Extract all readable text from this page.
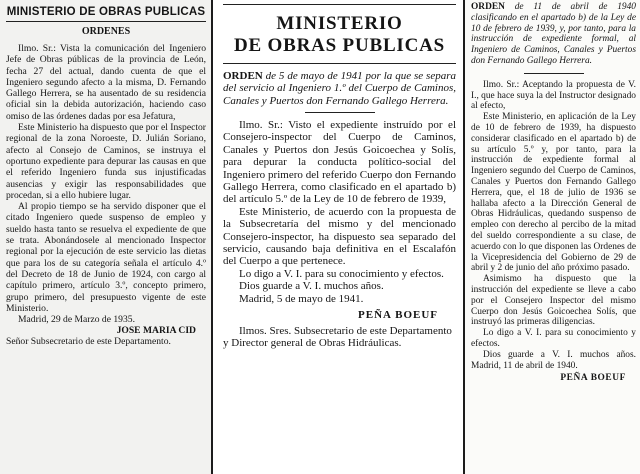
MINISTERIO DE OBRAS PUBLICAS
ORDENES

Ilmo. Sr.: Vista la comunicación del Ingeniero Jefe de Obras públicas de la provincia de León, fecha 27 del actual, dando cuenta de que el Ingeniero segundo afecto a la misma, D. Fernando Gallego Herrera, se ha ausentado de su residencia oficial sin la debida autorización, haciendo caso omiso de las órdenes dadas por esa Jefatura,

Este Ministerio ha dispuesto que por el Inspector regional de la zona Noroeste, D. Julián Soriano, afecto al Consejo de Caminos, se instruya el oportuno expediente para depurar las causas en que el referido Ingeniero funda sus injustificadas ausencias y exigir las responsabilidades que procedan, si a ello hubiere lugar.

Al propio tiempo se ha servido disponer que el citado Ingeniero quede suspenso de empleo y sueldo hasta tanto se resuelva el expediente de que se trata. Abonándosele al mencionado Inspector regional por la ejecución de este servicio las dietas que para los de su categoría señala el artículo 4.º del Decreto de 18 de Junio de 1924, con cargo al capítulo primero, artículo 3.º, concepto primero, grupo primero, del presupuesto vigente de este Ministerio.

Madrid, 29 de Marzo de 1935.

JOSE MARIA CID

Señor Subsecretario de este Departamento.

MINISTERIO
DE OBRAS PUBLICAS

ORDEN de 5 de mayo de 1941 por la que se separa del servicio al Ingeniero 1.º del Cuerpo de Caminos, Canales y Puertos don Fernando Gallego Herrera.

Ilmo. Sr.: Visto el expediente instruído por el Consejero-inspector del Cuerpo de Caminos, Canales y Puertos don Jesús Goicoechea y Solís, para depurar la conducta político-social del Ingeniero primero del referido Cuerpo don Fernando Gallego Herrera, como clasificado en el apartado b) del artículo 5.º de la Ley de 10 de febrero de 1939,

Este Ministerio, de acuerdo con la propuesta de la Subsecretaría del mismo y del mencionado Consejero-inspector, ha dispuesto sea separado del servicio, causando baja definitiva en el Escalafón del Cuerpo a que pertenece.

Lo digo a V. I. para su conocimiento y efectos.

Dios guarde a V. I. muchos años.

Madrid, 5 de mayo de 1941.

PEÑA BOEUF

Ilmos. Sres. Subsecretario de este Departamento y Director general de Obras Hidráulicas.

ORDEN de 11 de abril de 1940 clasificando en el apartado b) de la Ley de 10 de febrero de 1939, y, por tanto, para la instrucción de expediente formal, al Ingeniero de Caminos, Canales y Puertos don Fernando Gallego Herrera.

Ilmo. Sr.: Aceptando la propuesta de V. I., que hace suya la del Instructor designado al efecto,

Este Ministerio, en aplicación de la Ley de 10 de febrero de 1939, ha dispuesto considerar clasificado en el apartado b) de su artículo 5.º y, por tanto, para la instrucción de expediente formal al Ingeniero segundo del Cuerpo de Caminos, Canales y Puertos don Fernando Gallego Herrera, que, el 18 de julio de 1936 se hallaba afecto a la Dirección General de Obras Hidráulicas, quedando suspenso de empleo con derecho al percibo de la mitad del sueldo correspondiente a su clase, de acuerdo con lo que disponen las Ordenes de la Vicepresidencia del Gobierno de 29 de abril y 2 de junio del año próximo pasado.

Asimismo ha dispuesto que la instrucción del expediente se lleve a cabo por el Consejero Inspector del mismo Cuerpo don Jesús Goicoechea Solís, que instruyó las primeras diligencias.

Lo digo a V. I. para su conocimiento y efectos.

Dios guarde a V. I. muchos años. Madrid, 11 de abril de 1940.

PEÑA BOEUF
